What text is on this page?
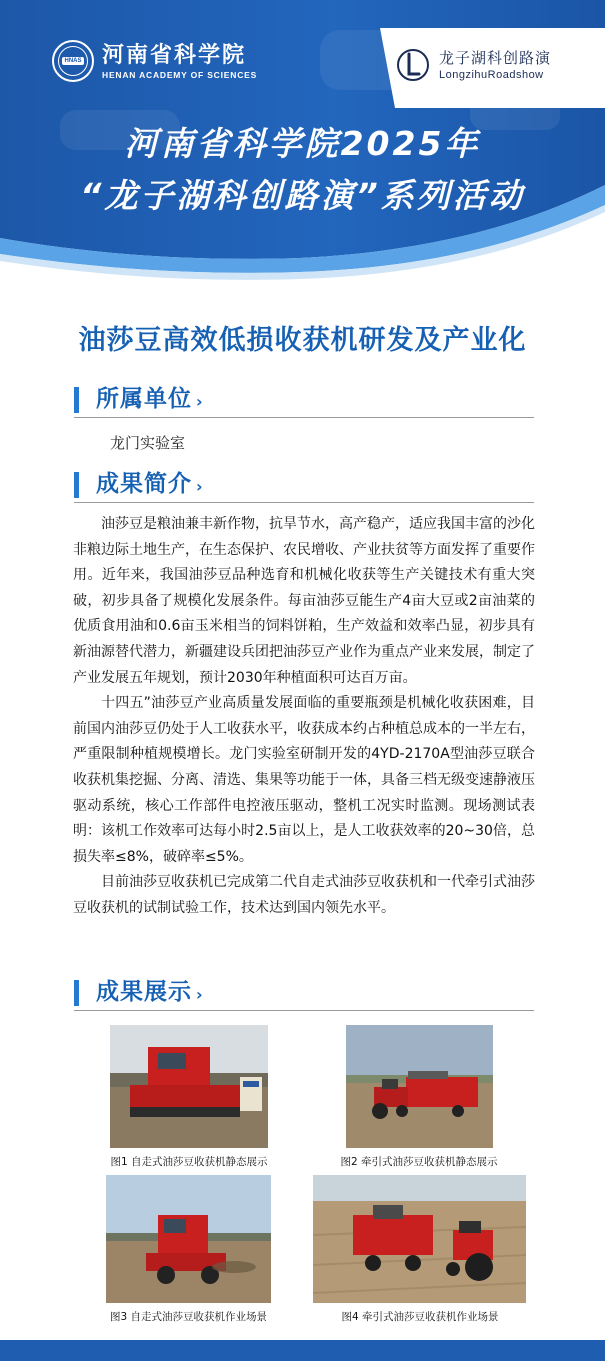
HNAS 河南省科学院
HENAN ACADEMY OF SCIENCES
龙子湖科创路演
LongzihuRoadshow
河南省科学院2025年
“龙子湖科创路演”系列活动
油莎豆高效低损收获机研发及产业化
所属单位 ›
龙门实验室
成果简介 ›

油莎豆是粮油兼丰新作物，抗旱节水，高产稳产，适应我国丰富的沙化非粮边际土地生产，在生态保护、农民增收、产业扶贫等方面发挥了重要作用。近年来，我国油莎豆品种选育和机械化收获等生产关键技术有重大突破，初步具备了规模化发展条件。每亩油莎豆能生产4亩大豆或2亩油菜的优质食用油和0.6亩玉米相当的饲料饼粕，生产效益和效率凸显，初步具有新油源替代潜力，新疆建设兵团把油莎豆产业作为重点产业来发展，制定了产业发展五年规划，预计2030年种植面积可达百万亩。

十四五”油莎豆产业高质量发展面临的重要瓶颈是机械化收获困难，目前国内油莎豆仍处于人工收获水平，收获成本约占种植总成本的一半左右，严重限制种植规模增长。龙门实验室研制开发的4YD-2170A型油莎豆联合收获机集挖掘、分离、清选、集果等功能于一体，具备三档无级变速静液压驱动系统，核心工作部件电控液压驱动，整机工况实时监测。现场测试表明：该机工作效率可达每小时2.5亩以上，是人工收获效率的20~30倍，总损失率≤8%，破碎率≤5%。

目前油莎豆收获机已完成第二代自走式油莎豆收获机和一代牵引式油莎豆收获机的试制试验工作，技术达到国内领先水平。

成果展示 ›
图1 自走式油莎豆收获机静态展示	图2 牵引式油莎豆收获机静态展示
图3 自走式油莎豆收获机作业场景	图4 牵引式油莎豆收获机作业场景
